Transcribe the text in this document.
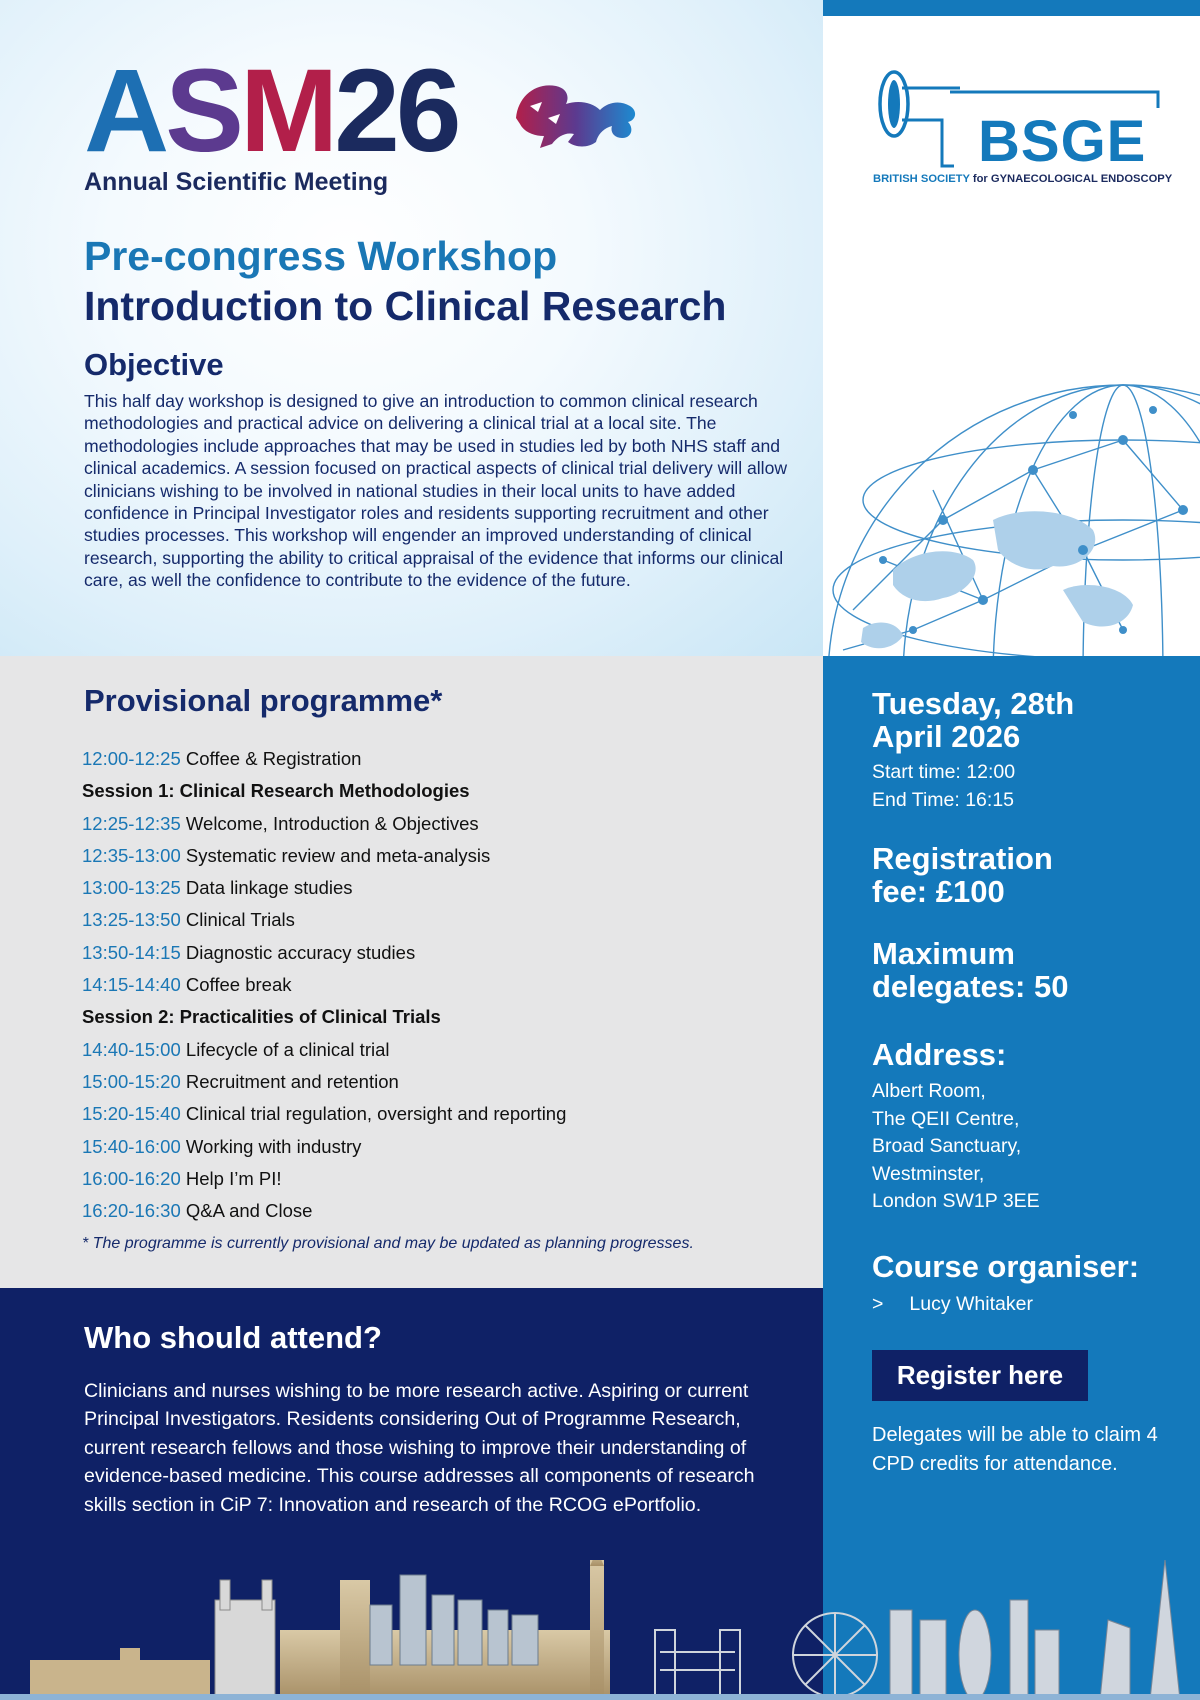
ASM26
Annual Scientific Meeting
BSGE
BRITISH SOCIETY for GYNAECOLOGICAL ENDOSCOPY
Pre-congress Workshop
Introduction to Clinical Research
Objective
This half day workshop is designed to give an introduction to common clinical research methodologies and practical advice on delivering a clinical trial at a local site. The methodologies include approaches that may be used in studies led by both NHS staff and clinical academics. A session focused on practical aspects of clinical trial delivery will allow clinicians wishing to be involved in national studies in their local units to have added confidence in Principal Investigator roles and residents supporting recruitment and other studies processes. This workshop will engender an improved understanding of clinical research, supporting the ability to critical appraisal of the evidence that informs our clinical care, as well the confidence to contribute to the evidence of the future.
Provisional programme*
12:00-12:25 Coffee & Registration
Session 1: Clinical Research Methodologies
12:25-12:35 Welcome, Introduction & Objectives
12:35-13:00 Systematic review and meta-analysis
13:00-13:25 Data linkage studies
13:25-13:50 Clinical Trials
13:50-14:15 Diagnostic accuracy studies
14:15-14:40 Coffee break
Session 2: Practicalities of Clinical Trials
14:40-15:00 Lifecycle of a clinical trial
15:00-15:20 Recruitment and retention
15:20-15:40 Clinical trial regulation, oversight and reporting
15:40-16:00 Working with industry
16:00-16:20 Help I’m PI!
16:20-16:30 Q&A and Close
* The programme is currently provisional and may be updated as planning progresses.
Who should attend?
Clinicians and nurses wishing to be more research active. Aspiring or current Principal Investigators. Residents considering Out of Programme Research, current research fellows and those wishing to improve their understanding of evidence-based medicine. This course addresses all components of research skills section in CiP 7: Innovation and research of the RCOG ePortfolio.
Tuesday, 28th
April 2026
Start time: 12:00
End Time: 16:15
Registration
fee: £100
Maximum
delegates: 50
Address:
Albert Room,
The QEII Centre,
Broad Sanctuary,
Westminster,
London SW1P 3EE
Course organiser:
> Lucy Whitaker
Register here
Delegates will be able to claim 4 CPD credits for attendance.
